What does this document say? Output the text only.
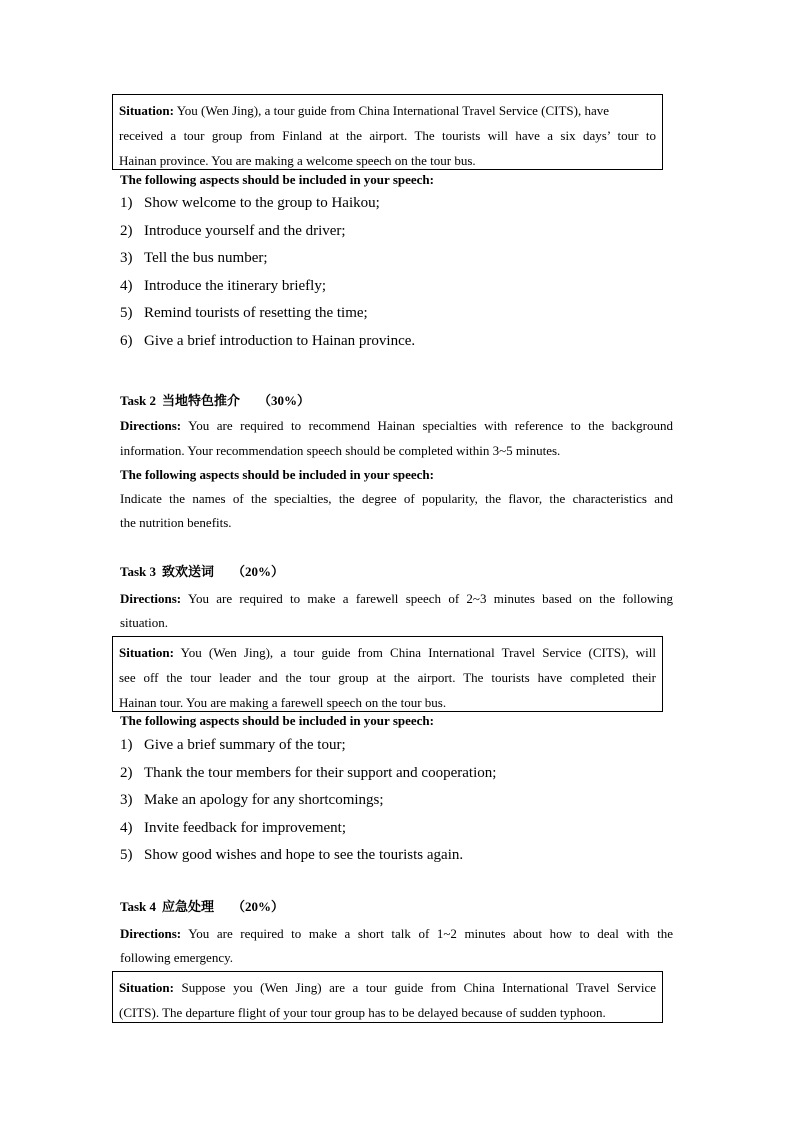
Situation: You (Wen Jing), a tour guide from China International Travel Service (CITS), have

received a tour group from Finland at the airport. The tourists will have a six days’ tour to

Hainan province. You are making a welcome speech on the tour bus.

The following aspects should be included in your speech:

1) Show welcome to the group to Haikou;
2) Introduce yourself and the driver;
3) Tell the bus number;
4) Introduce the itinerary briefly;
5) Remind tourists of resetting the time;
6) Give a brief introduction to Hainan province.

Task 2 当地特色推介 （30%）

Directions: You are required to recommend Hainan specialties with reference to the background

information. Your recommendation speech should be completed within 3~5 minutes.

The following aspects should be included in your speech:

Indicate the names of the specialties, the degree of popularity, the flavor, the characteristics and

the nutrition benefits.

Task 3 致欢送词 （20%）

Directions: You are required to make a farewell speech of 2~3 minutes based on the following

situation.

Situation: You (Wen Jing), a tour guide from China International Travel Service (CITS), will

see off the tour leader and the tour group at the airport. The tourists have completed their

Hainan tour. You are making a farewell speech on the tour bus.

The following aspects should be included in your speech:

1) Give a brief summary of the tour;
2) Thank the tour members for their support and cooperation;
3) Make an apology for any shortcomings;
4) Invite feedback for improvement;
5) Show good wishes and hope to see the tourists again.

Task 4 应急处理 （20%）

Directions: You are required to make a short talk of 1~2 minutes about how to deal with the

following emergency.

Situation: Suppose you (Wen Jing) are a tour guide from China International Travel Service

(CITS). The departure flight of your tour group has to be delayed because of sudden typhoon.
